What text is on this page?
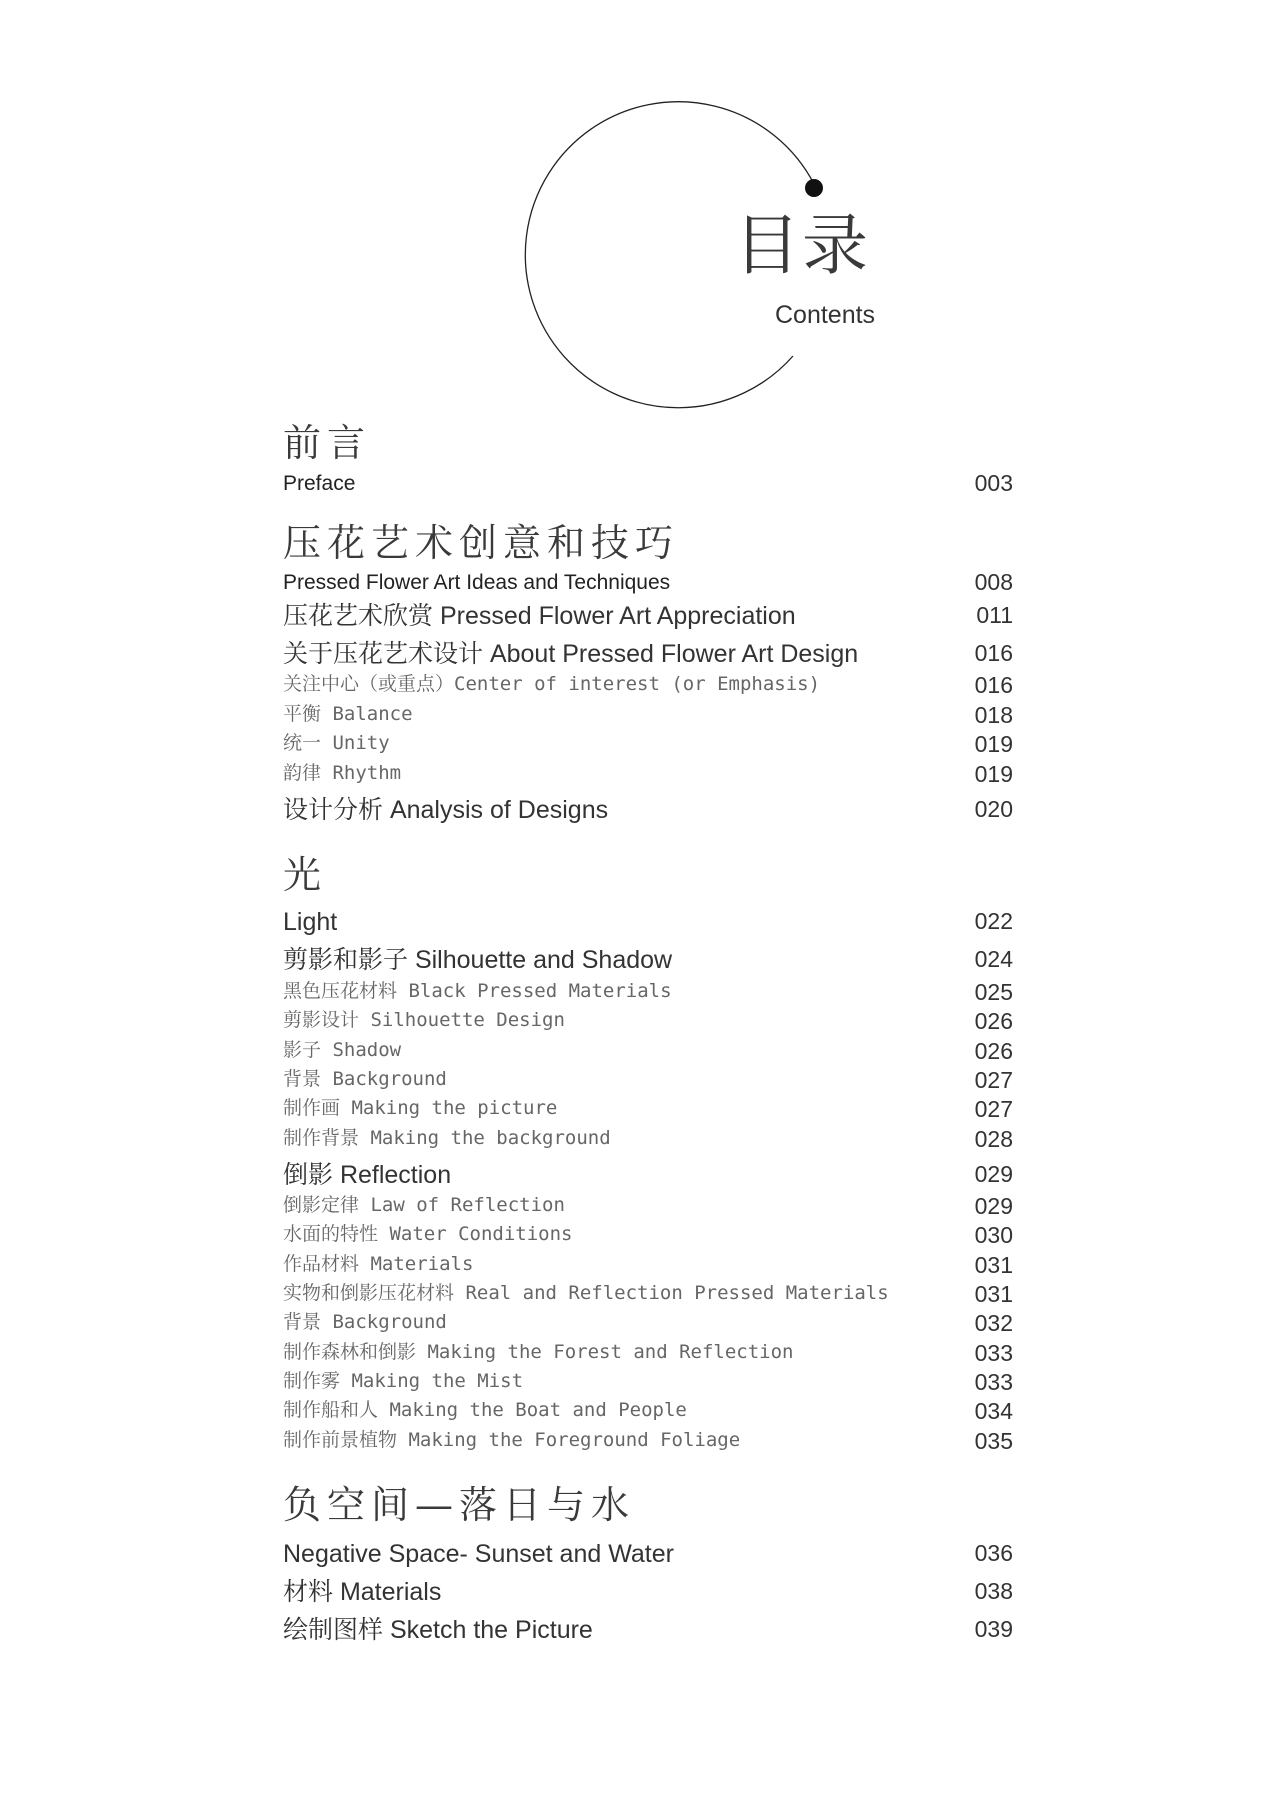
目录
Contents
前言
Preface	003
压花艺术创意和技巧
Pressed Flower Art Ideas and Techniques	008
压花艺术欣赏 Pressed Flower Art Appreciation	011
关于压花艺术设计 About Pressed Flower Art Design	016
关注中心（或重点）Center of interest (or Emphasis)	016
平衡 Balance	018
统一 Unity	019
韵律 Rhythm	019
设计分析 Analysis of Designs	020
光
Light	022
剪影和影子 Silhouette and Shadow	024
黑色压花材料 Black Pressed Materials	025
剪影设计 Silhouette Design	026
影子 Shadow	026
背景 Background	027
制作画 Making the picture	027
制作背景 Making the background	028
倒影 Reflection	029
倒影定律 Law of Reflection	029
水面的特性 Water Conditions	030
作品材料 Materials	031
实物和倒影压花材料 Real and Reflection Pressed Materials	031
背景 Background	032
制作森林和倒影 Making the Forest and Reflection	033
制作雾 Making the Mist	033
制作船和人 Making the Boat and People	034
制作前景植物 Making the Foreground Foliage	035
负空间—落日与水
Negative Space- Sunset and Water	036
材料 Materials	038
绘制图样 Sketch the Picture	039
